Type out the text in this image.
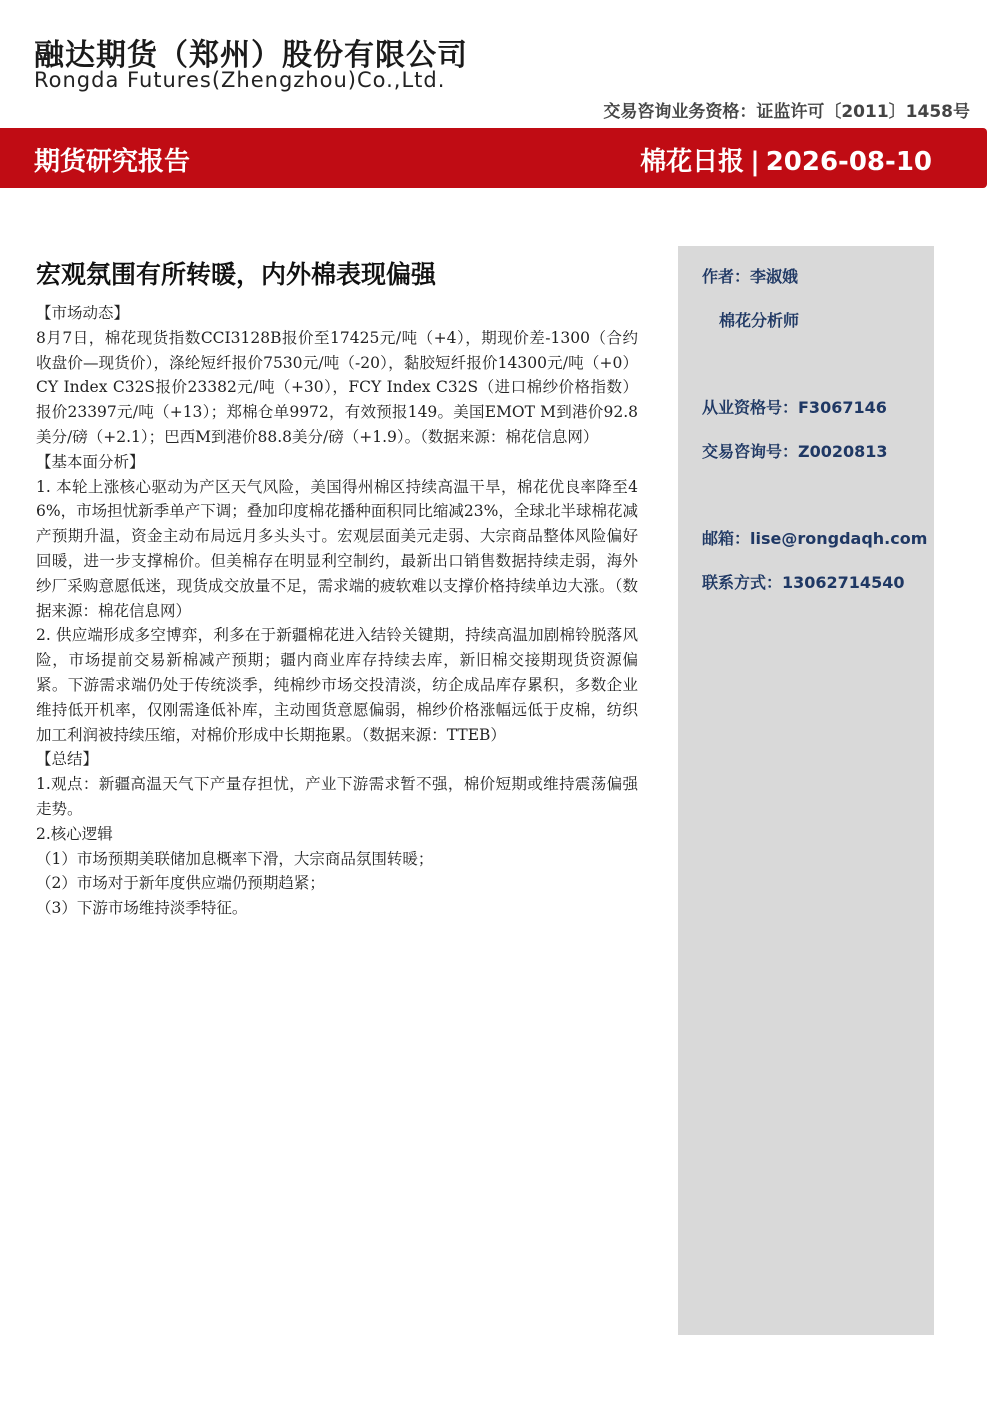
融达期货（郑州）股份有限公司
Rongda Futures(Zhengzhou)Co.,Ltd.
交易咨询业务资格：证监许可〔2011〕1458号
期货研究报告	棉花日报 | 2026-08-10
宏观氛围有所转暖，内外棉表现偏强
【市场动态】
8月7日，棉花现货指数CCI3128B报价至17425元/吨（+4），期现价差-1300（合约收盘价—现货价），涤纶短纤报价7530元/吨（-20），黏胶短纤报价14300元/吨（+0）CY Index C32S报价23382元/吨（+30），FCY Index C32S（进口棉纱价格指数）报价23397元/吨（+13）；郑棉仓单9972，有效预报149。美国EMOT M到港价92.8美分/磅（+2.1）；巴西M到港价88.8美分/磅（+1.9）。（数据来源：棉花信息网）
【基本面分析】
1. 本轮上涨核心驱动为产区天气风险，美国得州棉区持续高温干旱，棉花优良率降至46%，市场担忧新季单产下调；叠加印度棉花播种面积同比缩减23%，全球北半球棉花减产预期升温，资金主动布局远月多头头寸。宏观层面美元走弱、大宗商品整体风险偏好回暖，进一步支撑棉价。但美棉存在明显利空制约，最新出口销售数据持续走弱，海外纱厂采购意愿低迷，现货成交放量不足，需求端的疲软难以支撑价格持续单边大涨。（数据来源：棉花信息网）
2. 供应端形成多空博弈，利多在于新疆棉花进入结铃关键期，持续高温加剧棉铃脱落风险，市场提前交易新棉减产预期；疆内商业库存持续去库，新旧棉交接期现货资源偏紧。下游需求端仍处于传统淡季，纯棉纱市场交投清淡，纺企成品库存累积，多数企业维持低开机率，仅刚需逢低补库，主动囤货意愿偏弱，棉纱价格涨幅远低于皮棉，纺织加工利润被持续压缩，对棉价形成中长期拖累。（数据来源：TTEB）
【总结】
1.观点：新疆高温天气下产量存担忧，产业下游需求暂不强，棉价短期或维持震荡偏强走势。
2.核心逻辑
（1）市场预期美联储加息概率下滑，大宗商品氛围转暖；
（2）市场对于新年度供应端仍预期趋紧；
（3）下游市场维持淡季特征。
作者：李淑娥
棉花分析师
从业资格号：F3067146
交易咨询号：Z0020813
邮箱：lise@rongdaqh.com
联系方式：13062714540
